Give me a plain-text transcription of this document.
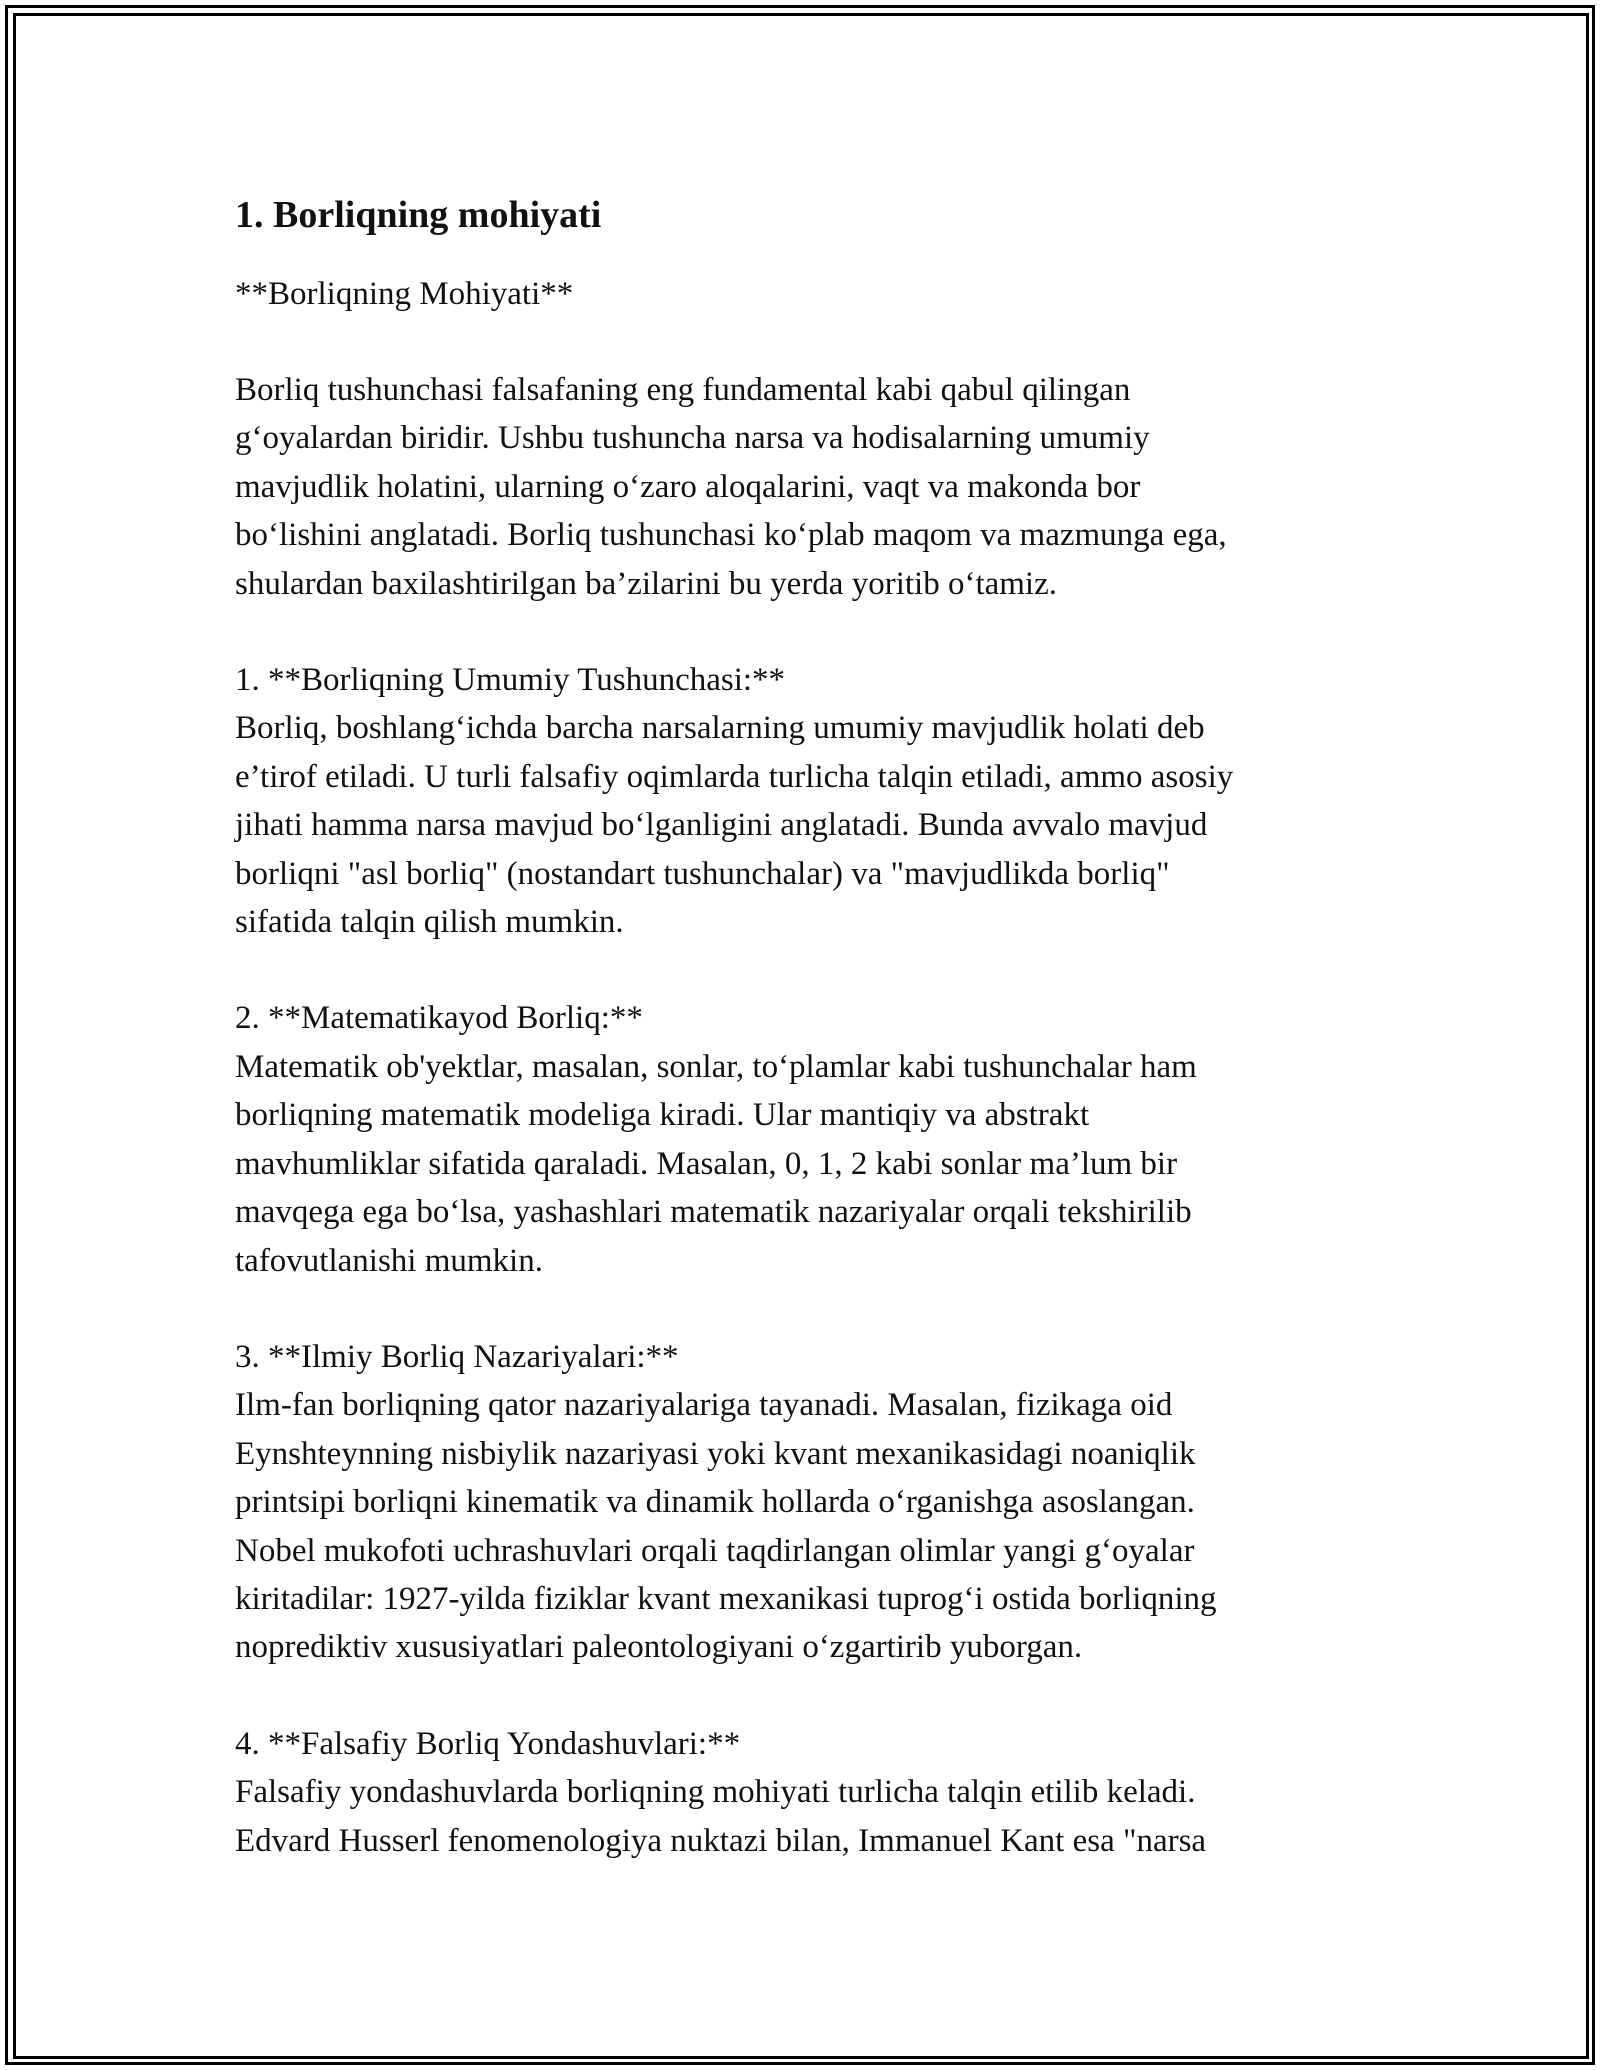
1. Borliqning mohiyati
**Borliqning Mohiyati**
Borliq tushunchasi falsafaning eng fundamental kabi qabul qilingan
g‘oyalardan biridir. Ushbu tushuncha narsa va hodisalarning umumiy
mavjudlik holatini, ularning o‘zaro aloqalarini, vaqt va makonda bor
bo‘lishini anglatadi. Borliq tushunchasi ko‘plab maqom va mazmunga ega,
shulardan baxilashtirilgan ba’zilarini bu yerda yoritib o‘tamiz.
1. **Borliqning Umumiy Tushunchasi:**
Borliq, boshlang‘ichda barcha narsalarning umumiy mavjudlik holati deb
e’tirof etiladi. U turli falsafiy oqimlarda turlicha talqin etiladi, ammo asosiy
jihati hamma narsa mavjud bo‘lganligini anglatadi. Bunda avvalo mavjud
borliqni "asl borliq" (nostandart tushunchalar) va "mavjudlikda borliq"
sifatida talqin qilish mumkin.
2. **Matematikayod Borliq:**
Matematik ob'yektlar, masalan, sonlar, to‘plamlar kabi tushunchalar ham
borliqning matematik modeliga kiradi. Ular mantiqiy va abstrakt
mavhumliklar sifatida qaraladi. Masalan, 0, 1, 2 kabi sonlar ma’lum bir
mavqega ega bo‘lsa, yashashlari matematik nazariyalar orqali tekshirilib
tafovutlanishi mumkin.
3. **Ilmiy Borliq Nazariyalari:**
Ilm-fan borliqning qator nazariyalariga tayanadi. Masalan, fizikaga oid
Eynshteynning nisbiylik nazariyasi yoki kvant mexanikasidagi noaniqlik
printsipi borliqni kinematik va dinamik hollarda o‘rganishga asoslangan.
Nobel mukofoti uchrashuvlari orqali taqdirlangan olimlar yangi g‘oyalar
kiritadilar: 1927-yilda fiziklar kvant mexanikasi tuprog‘i ostida borliqning
noprediktiv xususiyatlari paleontologiyani o‘zgartirib yuborgan.
4. **Falsafiy Borliq Yondashuvlari:**
Falsafiy yondashuvlarda borliqning mohiyati turlicha talqin etilib keladi.
Edvard Husserl fenomenologiya nuktazi bilan, Immanuel Kant esa "narsa
